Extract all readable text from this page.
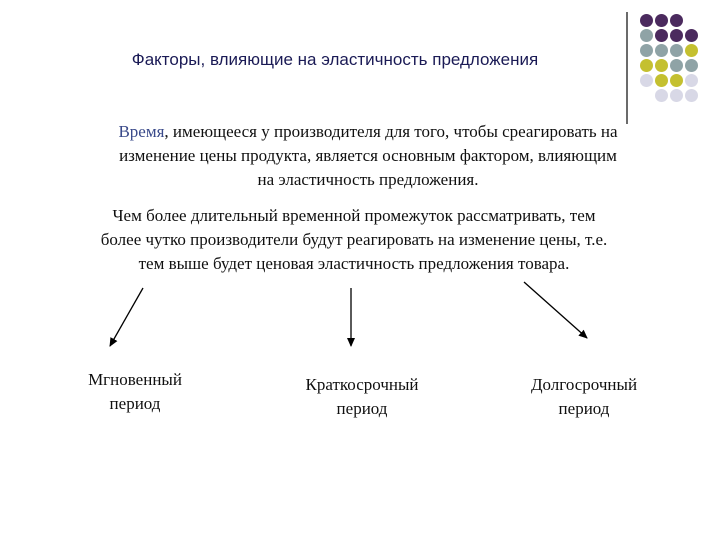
Факторы, влияющие на эластичность предложения
Время, имеющееся у производителя для того, чтобы среагировать на
изменение цены продукта, является основным фактором, влияющим
на эластичность предложения.
Чем более длительный временной промежуток рассматривать, тем
более чутко производители будут реагировать на изменение цены, т.е.
тем выше будет ценовая эластичность предложения товара.
Мгновенный
период
Краткосрочный
период
Долгосрочный
период
